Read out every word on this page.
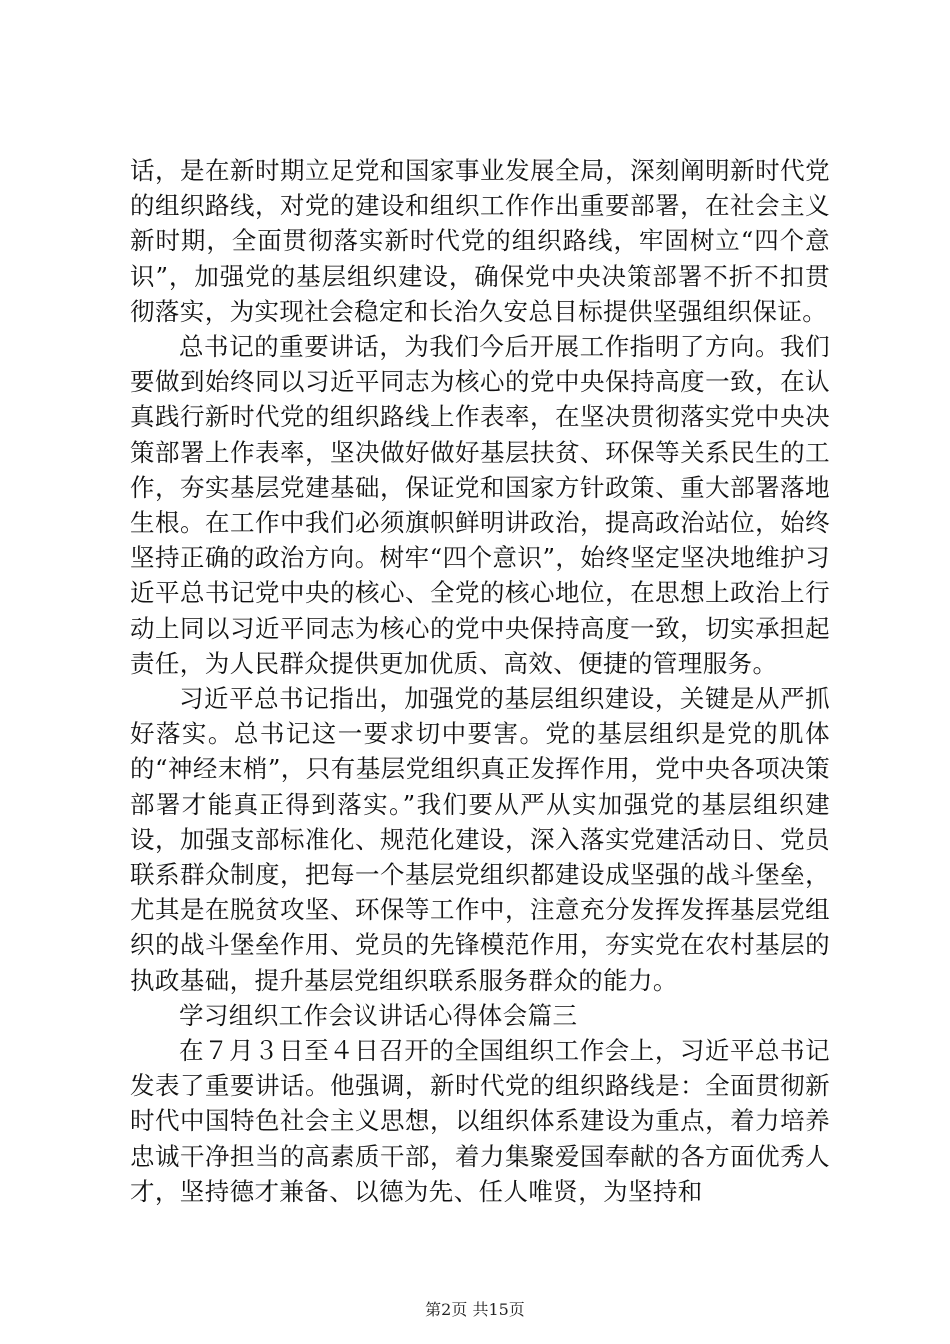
话，是在新时期立足党和国家事业发展全局，深刻阐明新时代党的组织路线，对党的建设和组织工作作出重要部署，在社会主义新时期，全面贯彻落实新时代党的组织路线，牢固树立“四个意识”，加强党的基层组织建设，确保党中央决策部署不折不扣贯彻落实，为实现社会稳定和长治久安总目标提供坚强组织保证。

总书记的重要讲话，为我们今后开展工作指明了方向。我们要做到始终同以习近平同志为核心的党中央保持高度一致，在认真践行新时代党的组织路线上作表率，在坚决贯彻落实党中央决策部署上作表率，坚决做好做好基层扶贫、环保等关系民生的工作，夯实基层党建基础，保证党和国家方针政策、重大部署落地生根。在工作中我们必须旗帜鲜明讲政治，提高政治站位，始终坚持正确的政治方向。树牢“四个意识”，始终坚定坚决地维护习近平总书记党中央的核心、全党的核心地位，在思想上政治上行动上同以习近平同志为核心的党中央保持高度一致，切实承担起责任，为人民群众提供更加优质、高效、便捷的管理服务。

习近平总书记指出，加强党的基层组织建设，关键是从严抓好落实。总书记这一要求切中要害。党的基层组织是党的肌体的“神经末梢”，只有基层党组织真正发挥作用，党中央各项决策部署才能真正得到落实。”我们要从严从实加强党的基层组织建设，加强支部标准化、规范化建设，深入落实党建活动日、党员联系群众制度，把每一个基层党组织都建设成坚强的战斗堡垒，尤其是在脱贫攻坚、环保等工作中，注意充分发挥发挥基层党组织的战斗堡垒作用、党员的先锋模范作用，夯实党在农村基层的执政基础，提升基层党组织联系服务群众的能力。

学习组织工作会议讲话心得体会篇三

在７月３日至４日召开的全国组织工作会上，习近平总书记发表了重要讲话。他强调，新时代党的组织路线是：全面贯彻新时代中国特色社会主义思想，以组织体系建设为重点，着力培养忠诚干净担当的高素质干部，着力集聚爱国奉献的各方面优秀人才，坚持德才兼备、以德为先、任人唯贤，为坚持和

第2页 共15页
